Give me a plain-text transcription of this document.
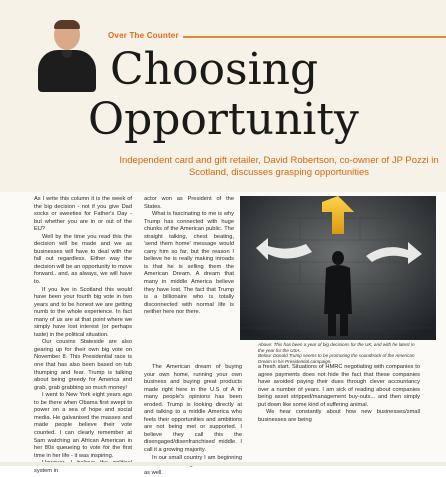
Over The Counter
Choosing
Opportunity
Independent card and gift retailer, David Robertson, co-owner of JP Pozzi in Scotland, discusses grasping opportunities

As I write this column it is the week of the big decision - not if you give Dad socks or sweeties for Father's Day - but whether you are in or out of the EU?

Well by the time you read this the decision will be made and we as businesses will have to deal with the fall out regardless. Either way the decision will be an opportunity to move forward.. and, as always, we will have to.

If you live in Scotland this would have been your fourth big vote in two years and to be honest we are getting numb to the whole experience. In fact many of us are at that point where we simply have lost interest (or perhaps taste) in the political situation.

Our cousins Stateside are also gearing up for their own big vote on November 8. This Presidential race is one that has also been based on tub thumping and fear. Trump is talking about being greedy for America and grab, grab grabbing so much money!

I went to New York eight years ago to be there when Obama first swept to power on a sea of hope and social media. He galvanised the masses and made people believe their vote counted. I can clearly remember at 5am watching an African American in her 80s queueing to vote for the first time in her life - it was inspiring.

system in

actor won as President of the States.

What is fascinating to me is why Trump has connected with huge chunks of the American public. The straight talking, chest beating, 'send them home' message would carry him so far, but the reason I believe he is really making inroads is that he is selling them the American Dream. A dream that many in middle America believe they have lost. The fact that Trump is a billionaire who is totally disconnected with normal life is neither here nor there.

Above: This has been a year of big decisions for the UK, and with he latest in the year for the USA.
Below: Donald Trump seems to be promoting the soundtrack of the American Dream in his Presidential campaign.

The American dream of buying your own home, running your own business and buying great products made right here in the U.S of A in many people's opinions has been eroded. Trump is looking directly at and talking to a middle America who feels their opportunities and ambitions are not being met or supported. I believe they call this the disengaged/disenfranchised middle. I call it a growing majority.

In our small country I am beginning as well.

a fresh start. Situations of HMRC negotiating with companies to agree payments does not hide the fact that these companies have avoided paying their dues through clever accountancy over a number of years. I am sick of reading about companies being asset stripped/management buy-outs... and then simply put down like some kind of suffering animal.

We hear constantly about how new businesses/small businesses are being
